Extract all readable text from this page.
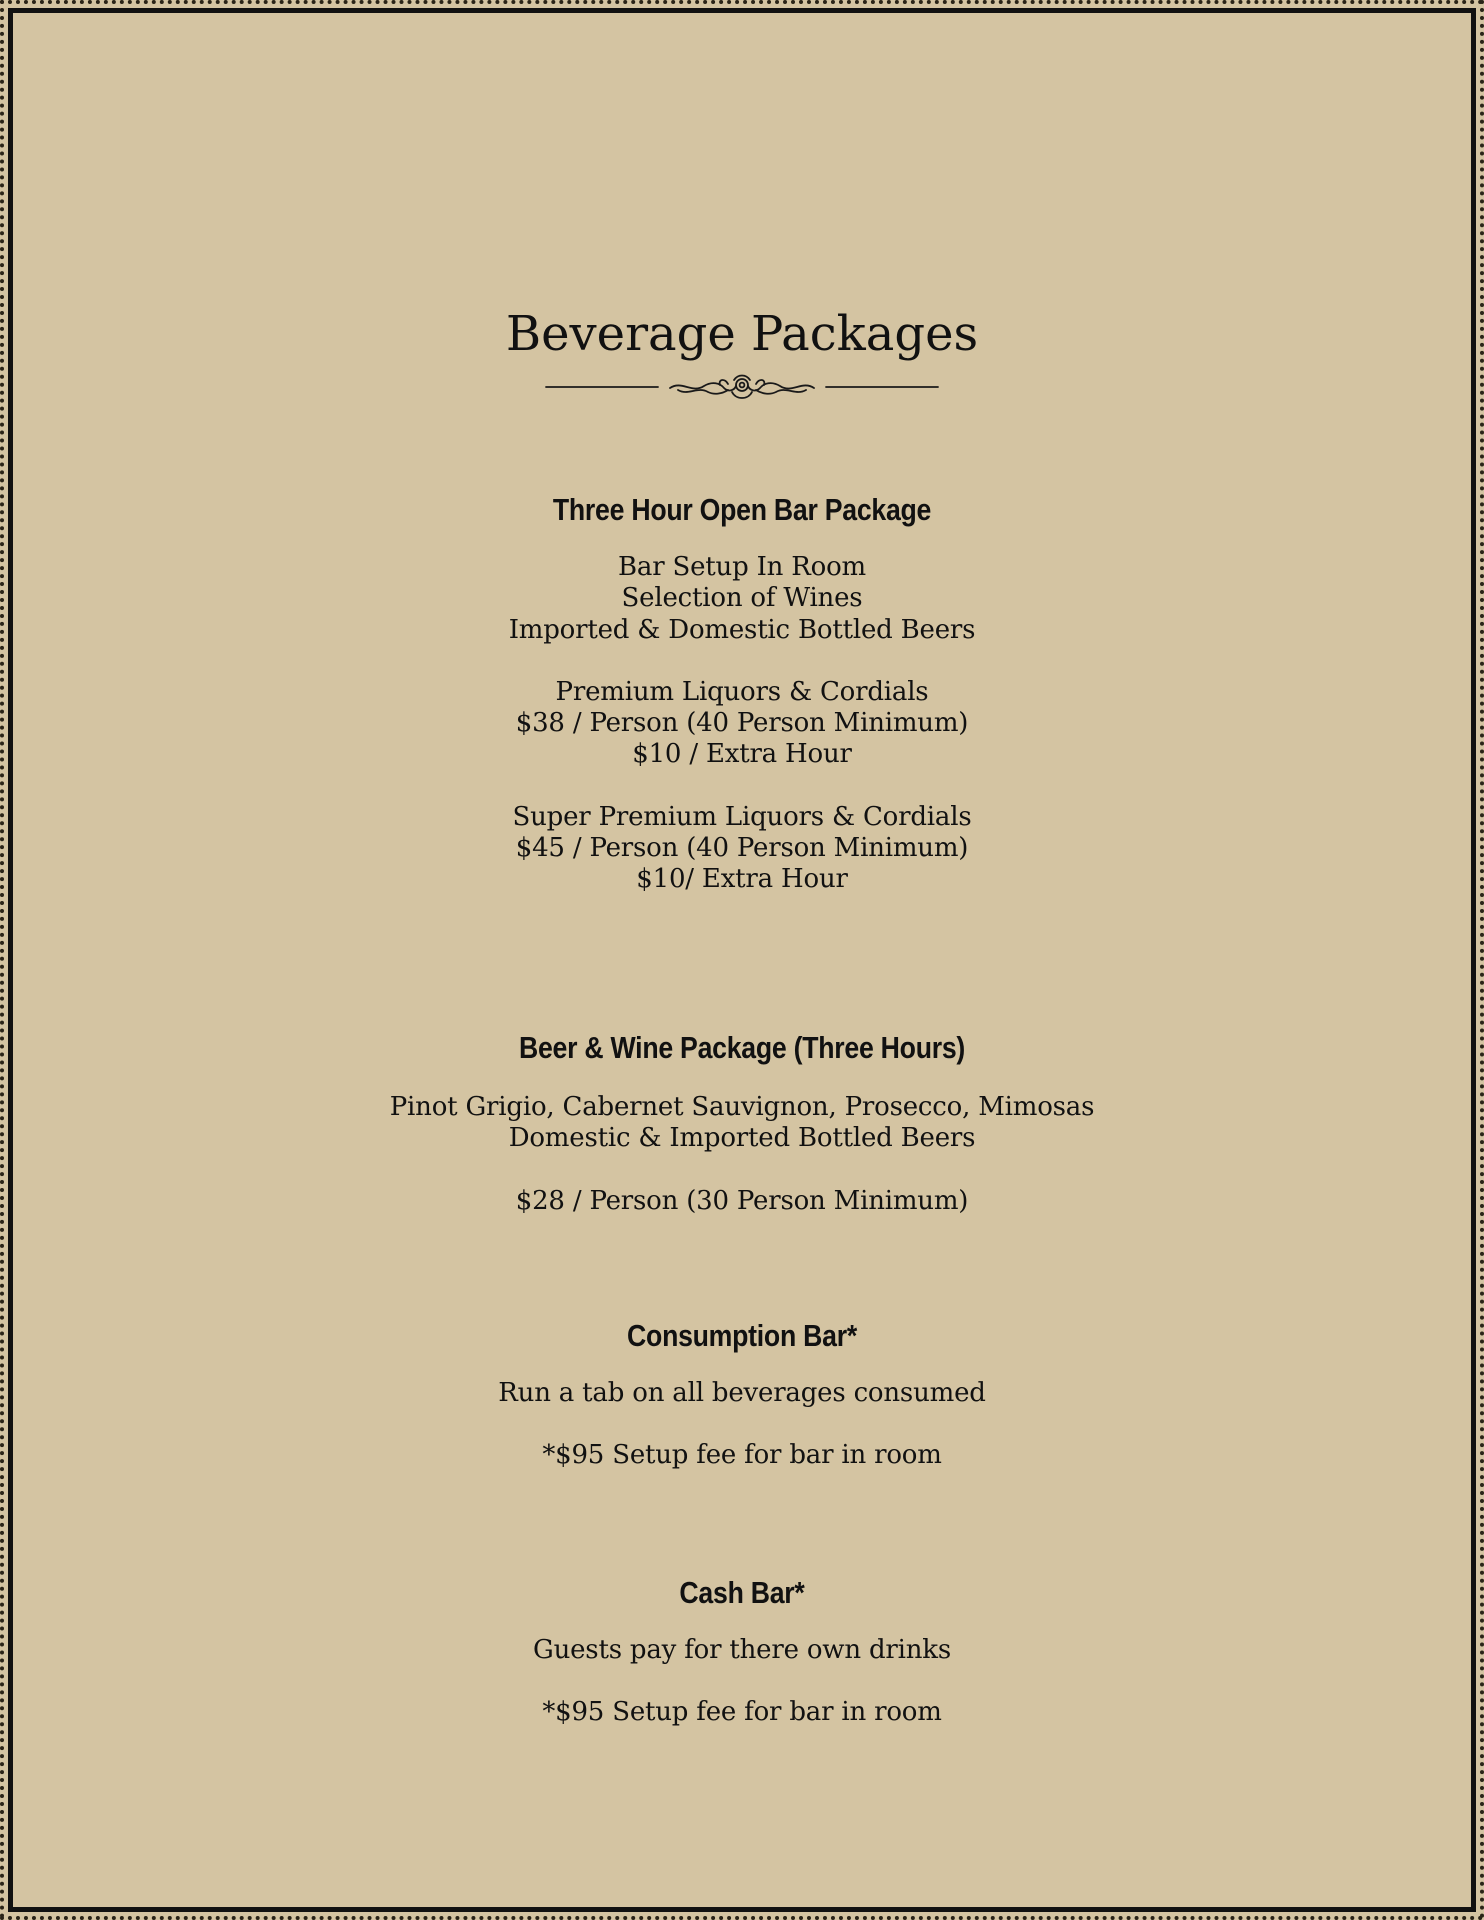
Beverage Packages
Three Hour Open Bar Package

Bar Setup In Room

Selection of Wines

Imported & Domestic Bottled Beers

Premium Liquors & Cordials

$38 / Person (40 Person Minimum)

$10 / Extra Hour

Super Premium Liquors & Cordials

$45 / Person (40 Person Minimum)

$10/ Extra Hour

Beer & Wine Package (Three Hours)

Pinot Grigio, Cabernet Sauvignon, Prosecco, Mimosas

Domestic & Imported Bottled Beers

$28 / Person (30 Person Minimum)

Consumption Bar*

Run a tab on all beverages consumed

*$95 Setup fee for bar in room

Cash Bar*

Guests pay for there own drinks

*$95 Setup fee for bar in room
